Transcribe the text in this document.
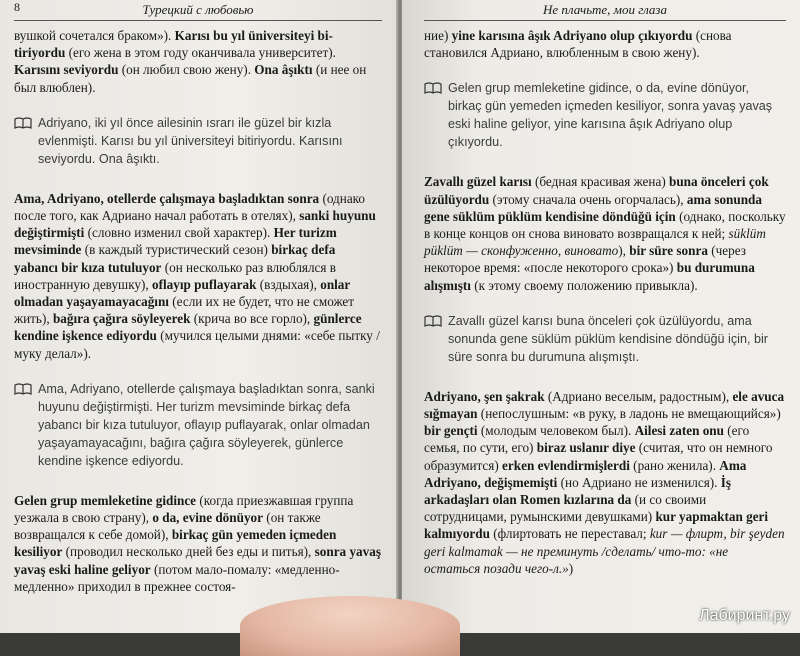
8	Турецкий с любовью

вушкой сочетался браком»). Karısı bu yıl üniversiteyi bi-tiriyordu (его жена в этом году оканчивала университет). Karısını seviyordu (он любил свою жену). Ona âşıktı (и нее он был влюблен).

Adriyano, iki yıl önce ailesinin ısrarı ile güzel bir kızla evlenmişti. Karısı bu yıl üniversiteyi bitiriyordu. Karısını seviyordu. Ona âşıktı.

Ama, Adriyano, otellerde çalışmaya başladıktan sonra (однако после того, как Адриано начал работать в отелях), sanki huyunu değiştirmişti (словно изменил свой характер). Her turizm mevsiminde (в каждый туристический сезон) birkaç defa yabancı bir kıza tutuluyor (он несколько раз влюблялся в иностранную девушку), oflayıp puflayarak (вздыхая), onlar olmadan yaşayamayacağını (если их не будет, что не сможет жить), bağıra çağıra söyleyerek (крича во все горло), günlerce kendine işkence ediyordu (мучился целыми днями: «себе пытку / муку делал»).

Ama, Adriyano, otellerde çalışmaya başladıktan sonra, sanki huyunu değiştirmişti. Her turizm mevsiminde birkaç defa yabancı bir kıza tutuluyor, oflayıp puflayarak, onlar olmadan yaşayamayacağını, bağıra çağıra söyleyerek, günlerce kendine işkence ediyordu.

Gelen grup memleketine gidince (когда приезжавшая группа уезжала в свою страну), o da, evine dönüyor (он также возвращался к себе домой), birkaç gün yemeden içmeden kesiliyor (проводил несколько дней без еды и питья), sonra yavaş yavaş eski haline geliyor (потом мало-помалу: «медленно-медленно» приходил в прежнее состоя-

Не плачьте, мои глаза

ние) yine karısına âşık Adriyano olup çıkıyordu (снова становился Адриано, влюбленным в свою жену).

Gelen grup memleketine gidince, o da, evine dönüyor, birkaç gün yemeden içmeden kesiliyor, sonra yavaş yavaş eski haline geliyor, yine karısına âşık Adriyano olup çıkıyordu.

Zavallı güzel karısı (бедная красивая жена) buna önceleri çok üzülüyordu (этому сначала очень огорчалась), ama sonunda gene süklüm püklüm kendisine döndüğü için (однако, поскольку в конце концов он снова виновато возвращался к ней; süklüm püklüm — сконфуженно, виновато), bir süre sonra (через некоторое время: «после некоторого срока») bu durumuna alışmıştı (к этому своему положению привыкла).

Zavallı güzel karısı buna önceleri çok üzülüyordu, ama sonunda gene süklüm püklüm kendisine döndüğü için, bir süre sonra bu durumuna alışmıştı.

Adriyano, şen şakrak (Адриано веселым, радостным), ele avuca sığmayan (непослушным: «в руку, в ладонь не вмещающийся») bir gençti (молодым человеком был). Ailesi zaten onu (его семья, по сути, его) biraz uslanır diye (считая, что он немного образумится) erken evlendirmişlerdi (рано женила). Ama Adriyano, değişmemişti (но Адриано не изменился). İş arkadaşları olan Romen kızlarına da (и со своими сотрудницами, румынскими девушками) kur yapmaktan geri kalmıyordu (флиртовать не переставал; kur — флирт, bir şeyden geri kalmamak — не преминуть /сделать/ что-то: «не остаться позади чего-л.»)

Лабиринт.ру
